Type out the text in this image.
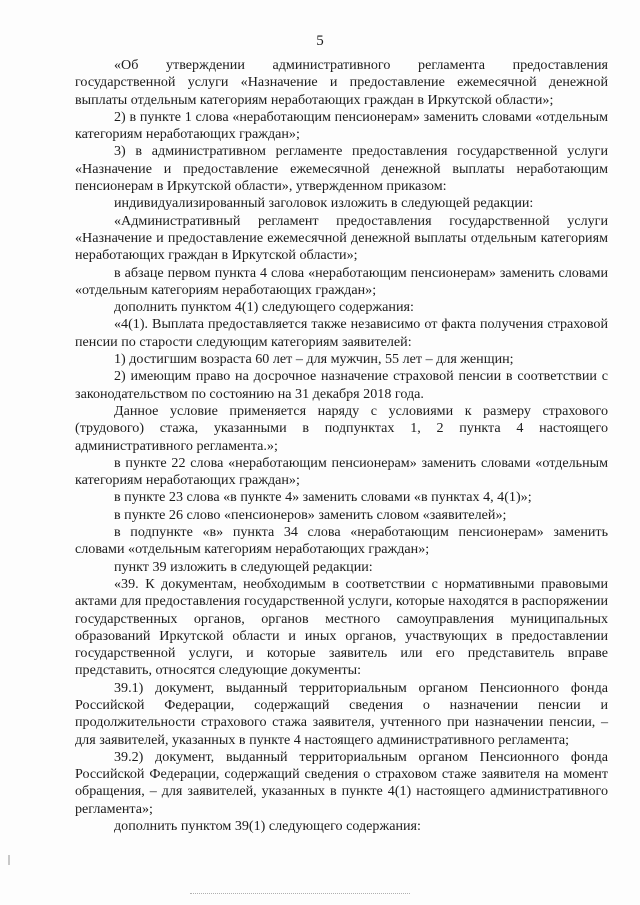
5

«Об утверждении административного регламента предоставления государственной услуги «Назначение и предоставление ежемесячной денежной выплаты отдельным категориям неработающих граждан в Иркутской области»;

2) в пункте 1 слова «неработающим пенсионерам» заменить словами «отдельным категориям неработающих граждан»;

3) в административном регламенте предоставления государственной услуги «Назначение и предоставление ежемесячной денежной выплаты неработающим пенсионерам в Иркутской области», утвержденном приказом:

индивидуализированный заголовок изложить в следующей редакции:

«Административный регламент предоставления государственной услуги «Назначение и предоставление ежемесячной денежной выплаты отдельным категориям неработающих граждан в Иркутской области»;

в абзаце первом пункта 4 слова «неработающим пенсионерам» заменить словами «отдельным категориям неработающих граждан»;

дополнить пунктом 4(1) следующего содержания:

«4(1). Выплата предоставляется также независимо от факта получения страховой пенсии по старости следующим категориям заявителей:

1) достигшим возраста 60 лет – для мужчин, 55 лет – для женщин;

2) имеющим право на досрочное назначение страховой пенсии в соответствии с законодательством по состоянию на 31 декабря 2018 года.

Данное условие применяется наряду с условиями к размеру страхового (трудового) стажа, указанными в подпунктах 1, 2 пункта 4 настоящего административного регламента.»;

в пункте 22 слова «неработающим пенсионерам» заменить словами «отдельным категориям неработающих граждан»;

в пункте 23 слова «в пункте 4» заменить словами «в пунктах 4, 4(1)»;

в пункте 26 слово «пенсионеров» заменить словом «заявителей»;

в подпункте «в» пункта 34 слова «неработающим пенсионерам» заменить словами «отдельным категориям неработающих граждан»;

пункт 39 изложить в следующей редакции:

«39. К документам, необходимым в соответствии с нормативными правовыми актами для предоставления государственной услуги, которые находятся в распоряжении государственных органов, органов местного самоуправления муниципальных образований Иркутской области и иных органов, участвующих в предоставлении государственной услуги, и которые заявитель или его представитель вправе представить, относятся следующие документы:

39.1) документ, выданный территориальным органом Пенсионного фонда Российской Федерации, содержащий сведения о назначении пенсии и продолжительности страхового стажа заявителя, учтенного при назначении пенсии, – для заявителей, указанных в пункте 4 настоящего административного регламента;

39.2) документ, выданный территориальным органом Пенсионного фонда Российской Федерации, содержащий сведения о страховом стаже заявителя на момент обращения, – для заявителей, указанных в пункте 4(1) настоящего административного регламента»;

дополнить пунктом 39(1) следующего содержания:
